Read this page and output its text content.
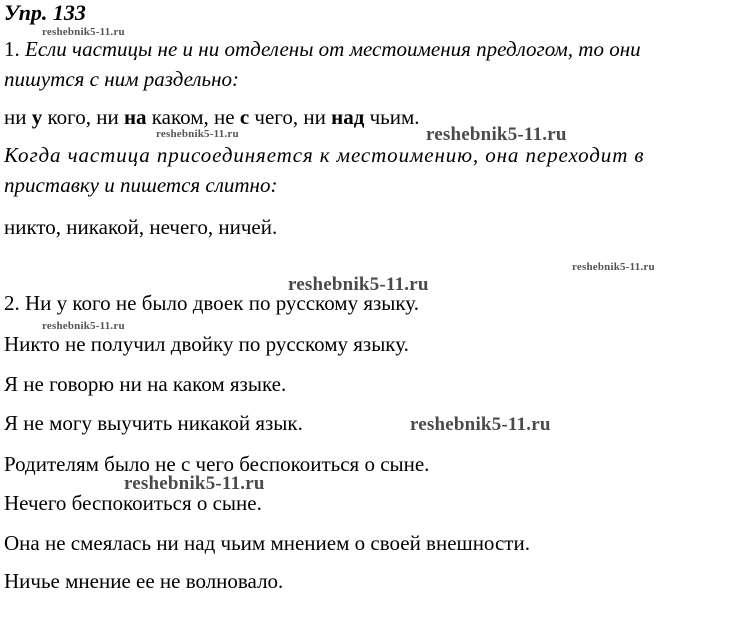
Упр. 133
1. Если частицы не и ни отделены от местоимения предлогом, то они
пишутся с ним раздельно:
ни у кого, ни на каком, не с чего, ни над чьим.
Когда частица присоединяется к местоимению, она переходит в
приставку и пишется слитно:
никто, никакой, нечего, ничей.
2. Ни у кого не было двоек по русскому языку.
Никто не получил двойку по русскому языку.
Я не говорю ни на каком языке.
Я не могу выучить никакой язык.
Родителям было не с чего беспокоиться о сыне.
Нечего беспокоиться о сыне.
Она не смеялась ни над чьим мнением о своей внешности.
Ничье мнение ее не волновало.
reshebnik5-11.ru
reshebnik5-11.ru	reshebnik5-11.ru
reshebnik5-11.ru
reshebnik5-11.ru
reshebnik5-11.ru
reshebnik5-11.ru
reshebnik5-11.ru
